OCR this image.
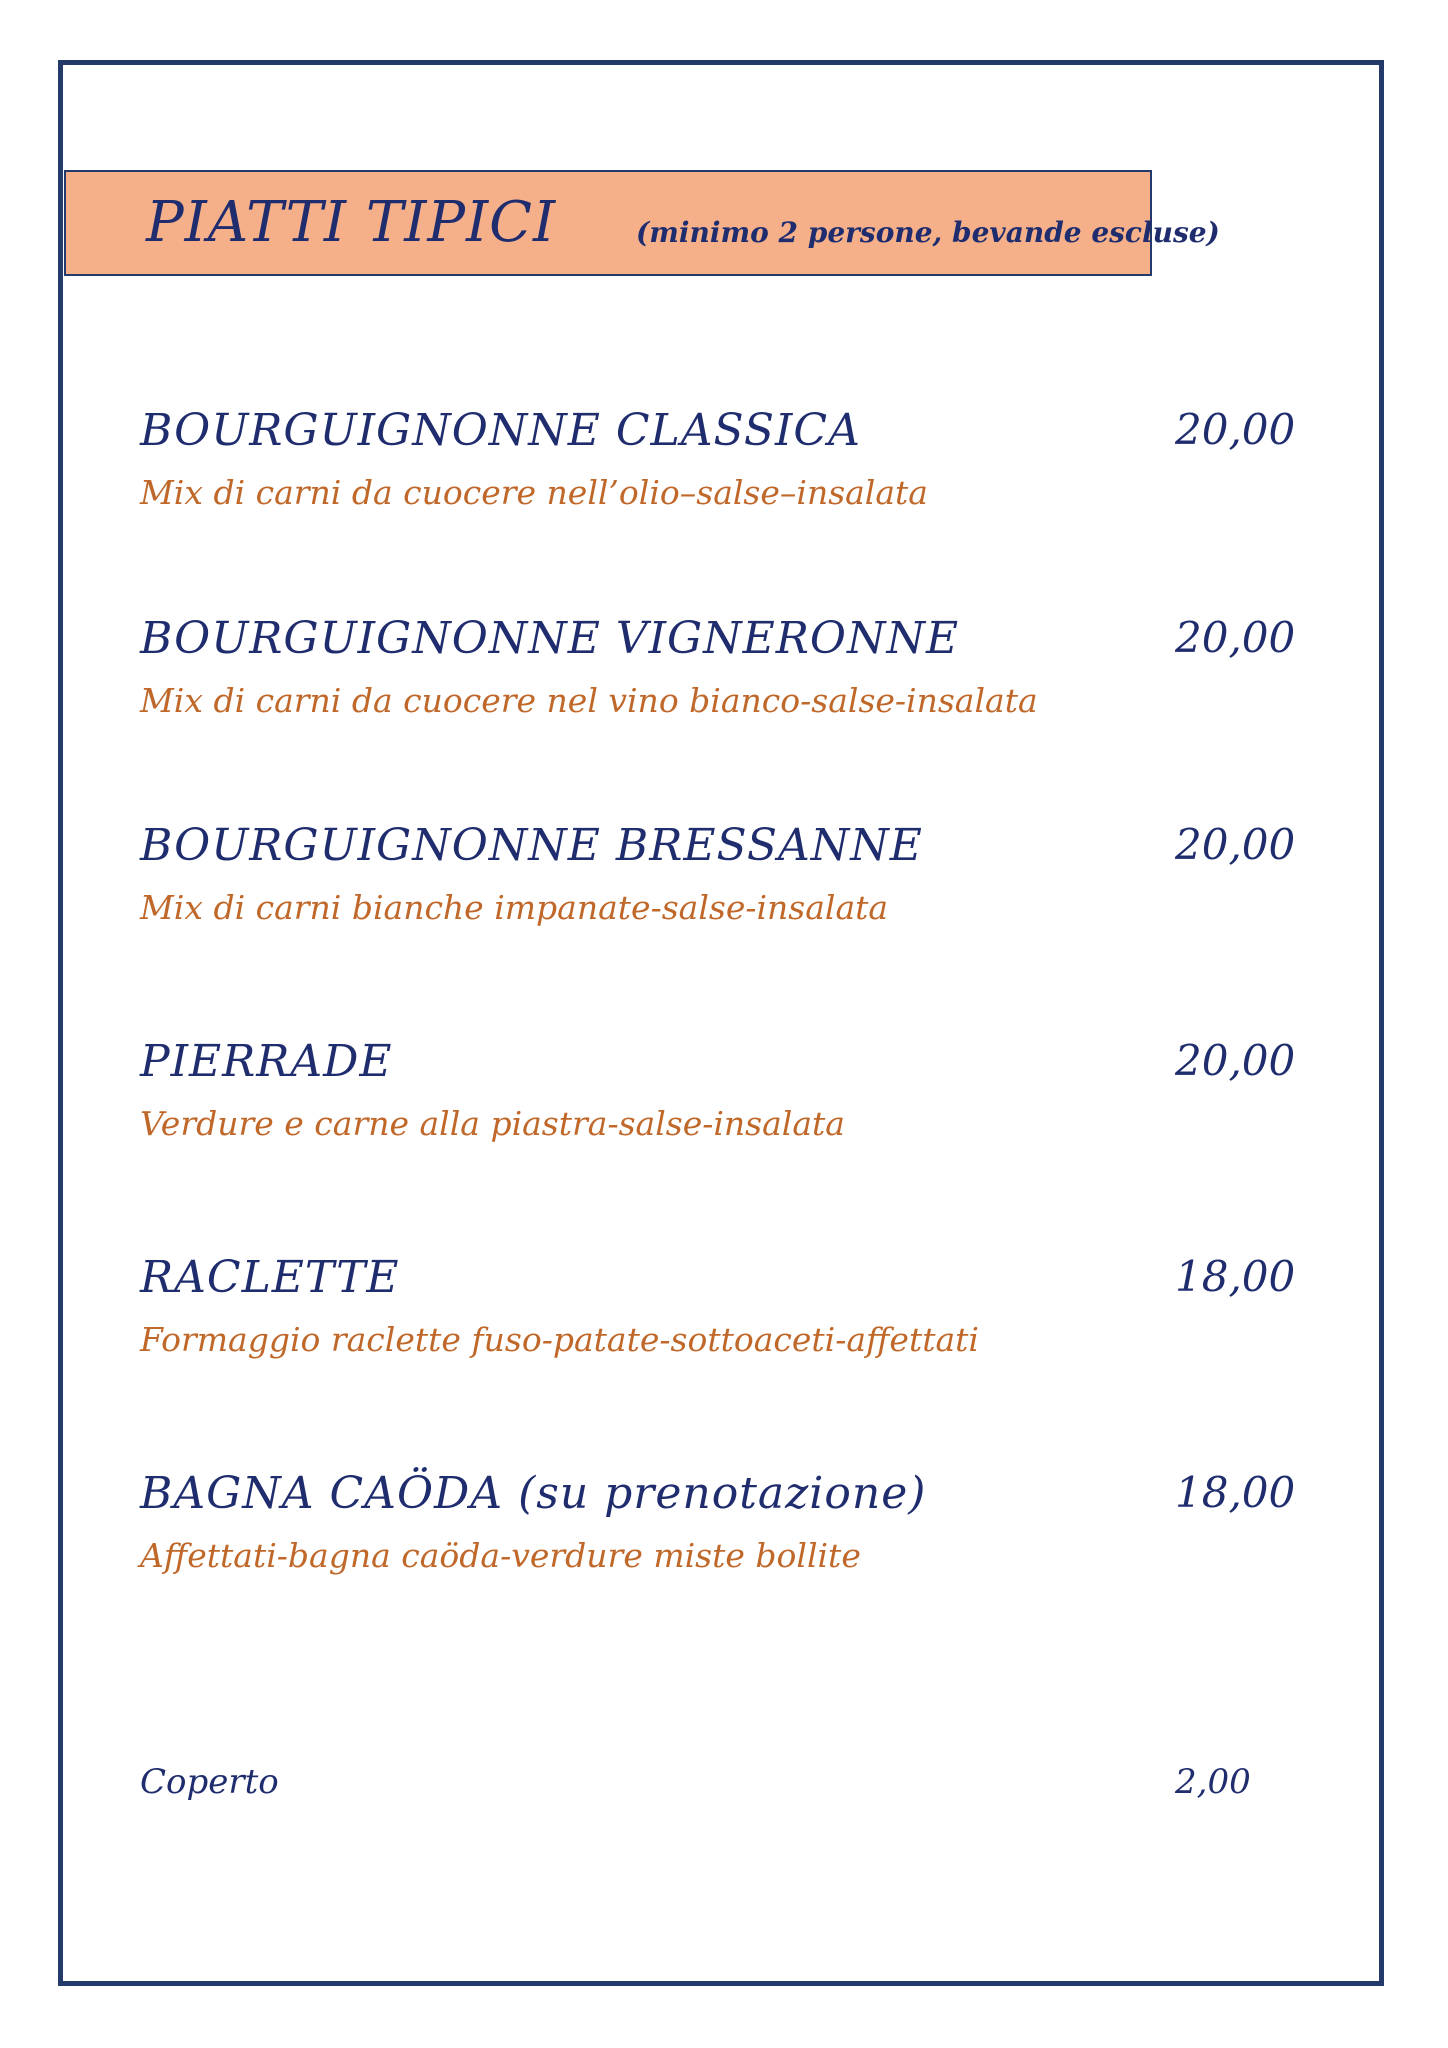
PIATTI TIPICI	(minimo 2 persone, bevande escluse)
BOURGUIGNONNE CLASSICA	20,00
Mix di carni da cuocere nell’olio–salse–insalata
BOURGUIGNONNE VIGNERONNE	20,00
Mix di carni da cuocere nel vino bianco-salse-insalata
BOURGUIGNONNE BRESSANNE	20,00
Mix di carni bianche impanate-salse-insalata
PIERRADE	20,00
Verdure e carne alla piastra-salse-insalata
RACLETTE	18,00
Formaggio raclette fuso-patate-sottoaceti-affettati
BAGNA CAÖDA (su prenotazione)	18,00
Affettati-bagna caöda-verdure miste bollite
Coperto	2,00
